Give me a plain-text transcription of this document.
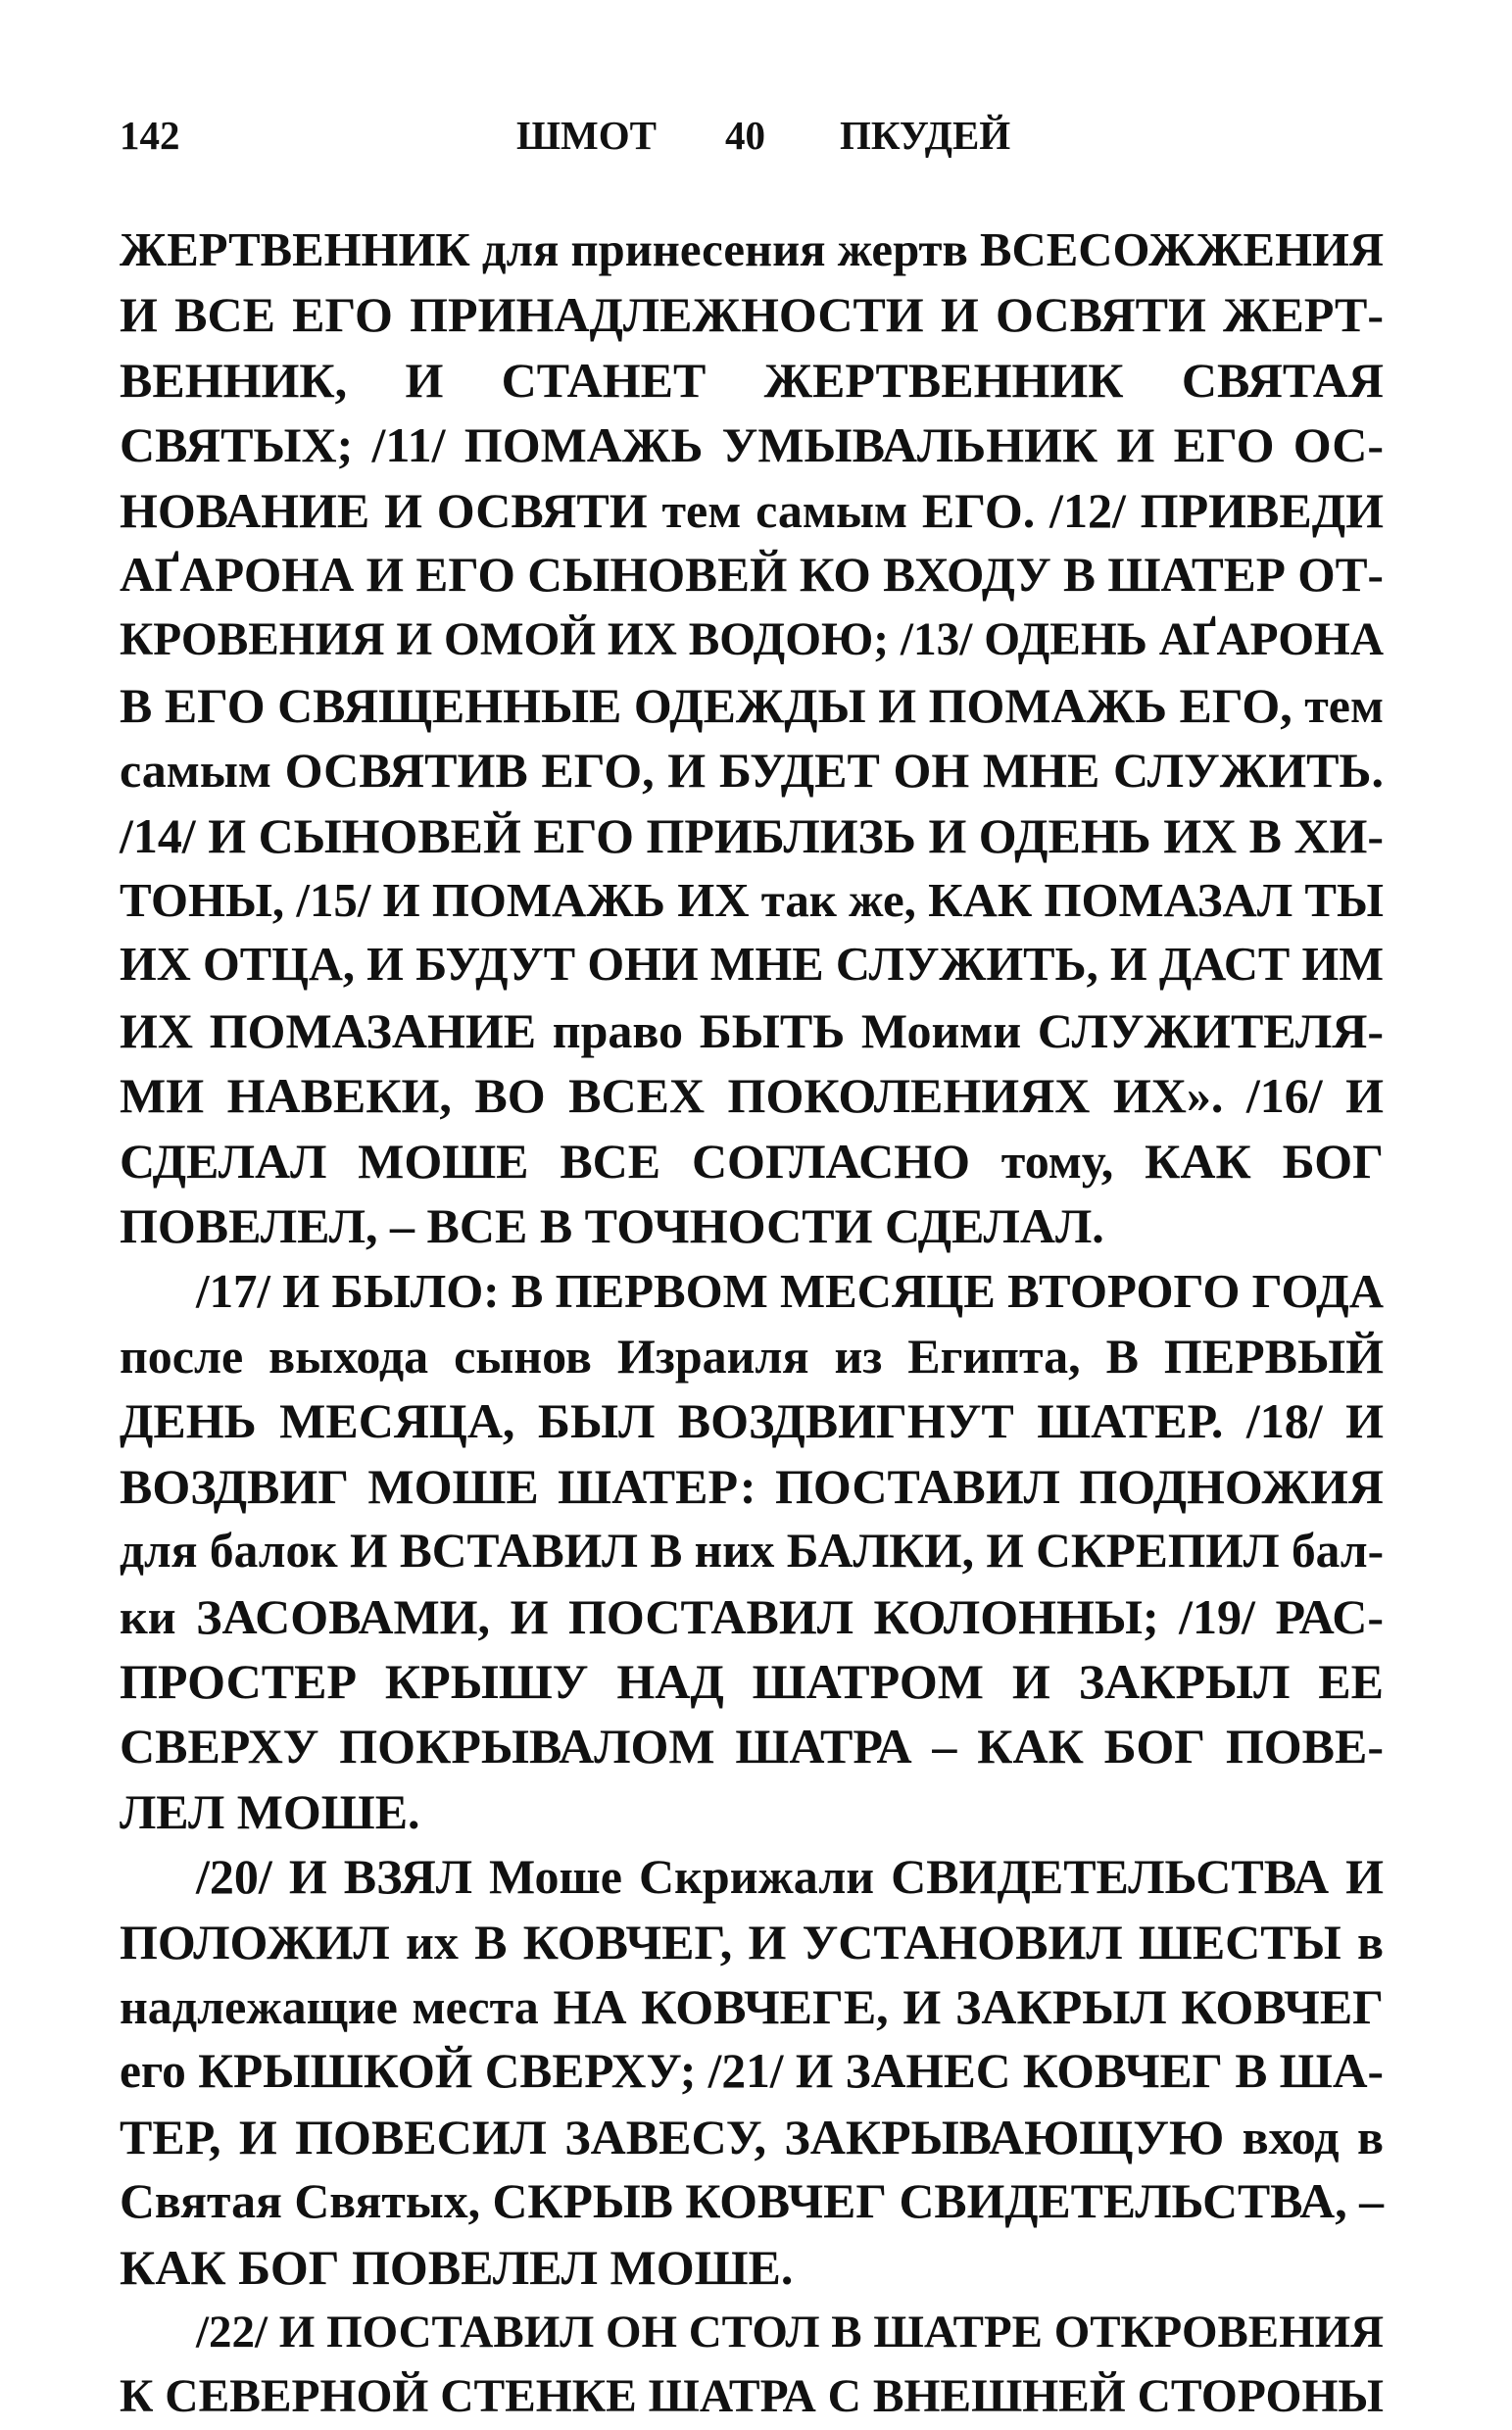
142	ШМОТ 40 ПКУДЕЙ
ЖЕРТВЕННИК для принесения жертв ВСЕСОЖЖЕНИЯ
И ВСЕ ЕГО ПРИНАДЛЕЖНОСТИ И ОСВЯТИ ЖЕРТ-
ВЕННИК, И СТАНЕТ ЖЕРТВЕННИК СВЯТАЯ
СВЯТЫХ; /11/ ПОМАЖЬ УМЫВАЛЬНИК И ЕГО ОС-
НОВАНИЕ И ОСВЯТИ тем самым ЕГО. /12/ ПРИВЕДИ
АҐАРОНА И ЕГО СЫНОВЕЙ КО ВХОДУ В ШАТЕР ОТ-
КРОВЕНИЯ И ОМОЙ ИХ ВОДОЮ; /13/ ОДЕНЬ АҐАРОНА
В ЕГО СВЯЩЕННЫЕ ОДЕЖДЫ И ПОМАЖЬ ЕГО, тем
самым ОСВЯТИВ ЕГО, И БУДЕТ ОН МНЕ СЛУЖИТЬ.
/14/ И СЫНОВЕЙ ЕГО ПРИБЛИЗЬ И ОДЕНЬ ИХ В ХИ-
ТОНЫ, /15/ И ПОМАЖЬ ИХ так же, КАК ПОМАЗАЛ ТЫ
ИХ ОТЦА, И БУДУТ ОНИ МНЕ СЛУЖИТЬ, И ДАСТ ИМ
ИХ ПОМАЗАНИЕ право БЫТЬ Моими СЛУЖИТЕЛЯ-
МИ НАВЕКИ, ВО ВСЕХ ПОКОЛЕНИЯХ ИХ». /16/ И
СДЕЛАЛ МОШЕ ВСЕ СОГЛАСНО тому, КАК БОГ
ПОВЕЛЕЛ, – ВСЕ В ТОЧНОСТИ СДЕЛАЛ.
/17/ И БЫЛО: В ПЕРВОМ МЕСЯЦЕ ВТОРОГО ГОДА
после выхода сынов Израиля из Египта, В ПЕРВЫЙ
ДЕНЬ МЕСЯЦА, БЫЛ ВОЗДВИГНУТ ШАТЕР. /18/ И
ВОЗДВИГ МОШЕ ШАТЕР: ПОСТАВИЛ ПОДНОЖИЯ
для балок И ВСТАВИЛ В них БАЛКИ, И СКРЕПИЛ бал-
ки ЗАСОВАМИ, И ПОСТАВИЛ КОЛОННЫ; /19/ РАС-
ПРОСТЕР КРЫШУ НАД ШАТРОМ И ЗАКРЫЛ ЕЕ
СВЕРХУ ПОКРЫВАЛОМ ШАТРА – КАК БОГ ПОВЕ-
ЛЕЛ МОШЕ.
/20/ И ВЗЯЛ Моше Скрижали СВИДЕТЕЛЬСТВА И
ПОЛОЖИЛ их В КОВЧЕГ, И УСТАНОВИЛ ШЕСТЫ в
надлежащие места НА КОВЧЕГЕ, И ЗАКРЫЛ КОВЧЕГ
его КРЫШКОЙ СВЕРХУ; /21/ И ЗАНЕС КОВЧЕГ В ША-
ТЕР, И ПОВЕСИЛ ЗАВЕСУ, ЗАКРЫВАЮЩУЮ вход в
Святая Святых, СКРЫВ КОВЧЕГ СВИДЕТЕЛЬСТВА, –
КАК БОГ ПОВЕЛЕЛ МОШЕ.
/22/ И ПОСТАВИЛ ОН СТОЛ В ШАТРЕ ОТКРОВЕНИЯ
К СЕВЕРНОЙ СТЕНКЕ ШАТРА С ВНЕШНЕЙ СТОРОНЫ
